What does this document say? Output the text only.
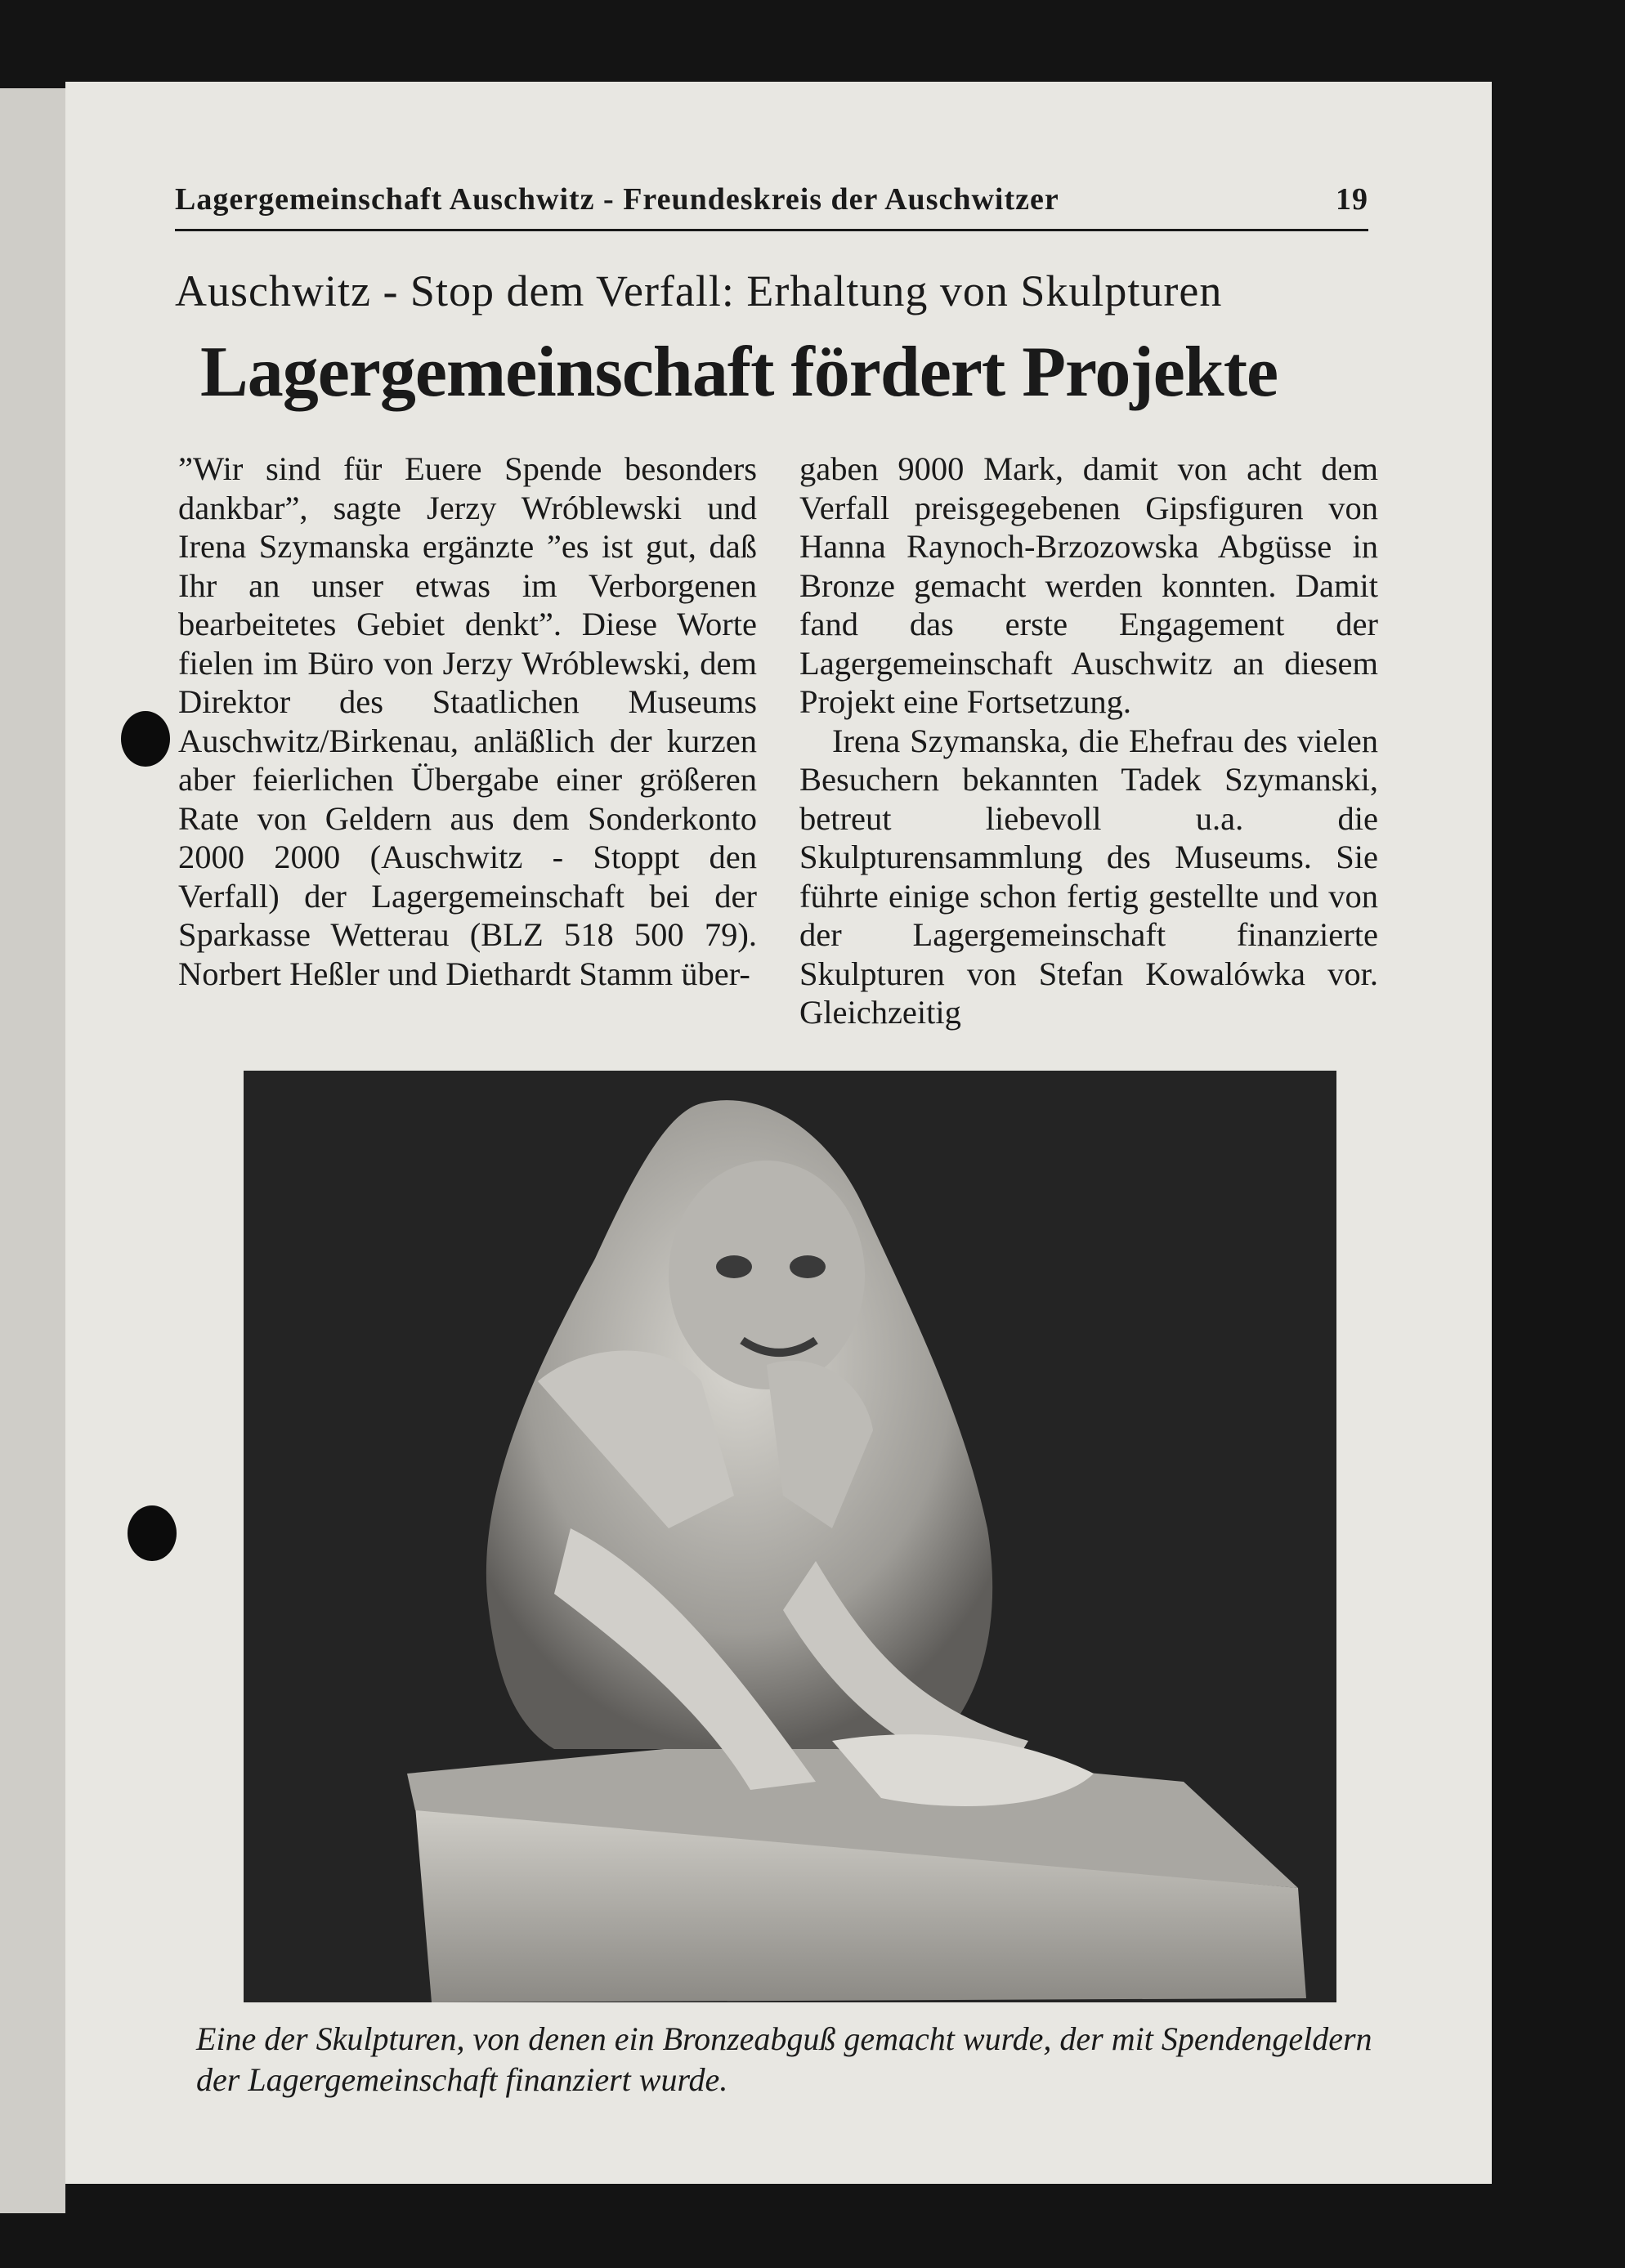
Lagergemeinschaft Auschwitz - Freundeskreis der Auschwitzer	19
Auschwitz - Stop dem Verfall: Erhaltung von Skulpturen
Lagergemeinschaft fördert Projekte

”Wir sind für Euere Spende besonders dankbar”, sagte Jerzy Wróblewski und Irena Szymanska ergänzte ”es ist gut, daß Ihr an unser etwas im Verborgenen bearbeitetes Gebiet denkt”. Diese Worte fielen im Büro von Jerzy Wróblewski, dem Direktor des Staatlichen Museums Auschwitz/Birkenau, anläßlich der kurzen aber feierlichen Übergabe einer größeren Rate von Geldern aus dem Sonderkonto 2000 2000 (Auschwitz - Stoppt den Verfall) der Lagergemeinschaft bei der Sparkasse Wetterau (BLZ 518 500 79). Norbert Heßler und Diethardt Stamm über-

gaben 9000 Mark, damit von acht dem Verfall preisgegebenen Gipsfiguren von Hanna Raynoch-Brzozowska Abgüsse in Bronze gemacht werden konnten. Damit fand das erste Engagement der Lagergemeinschaft Auschwitz an diesem Projekt eine Fortsetzung.

Irena Szymanska, die Ehefrau des vielen Besuchern bekannten Tadek Szymanski, betreut liebevoll u.a. die Skulpturensammlung des Museums. Sie führte einige schon fertig gestellte und von der Lagergemeinschaft finanzierte Skulpturen von Stefan Kowalówka vor. Gleichzeitig

Eine der Skulpturen, von denen ein Bronzeabguß gemacht wurde, der mit Spendengeldern der Lagergemeinschaft finanziert wurde.
